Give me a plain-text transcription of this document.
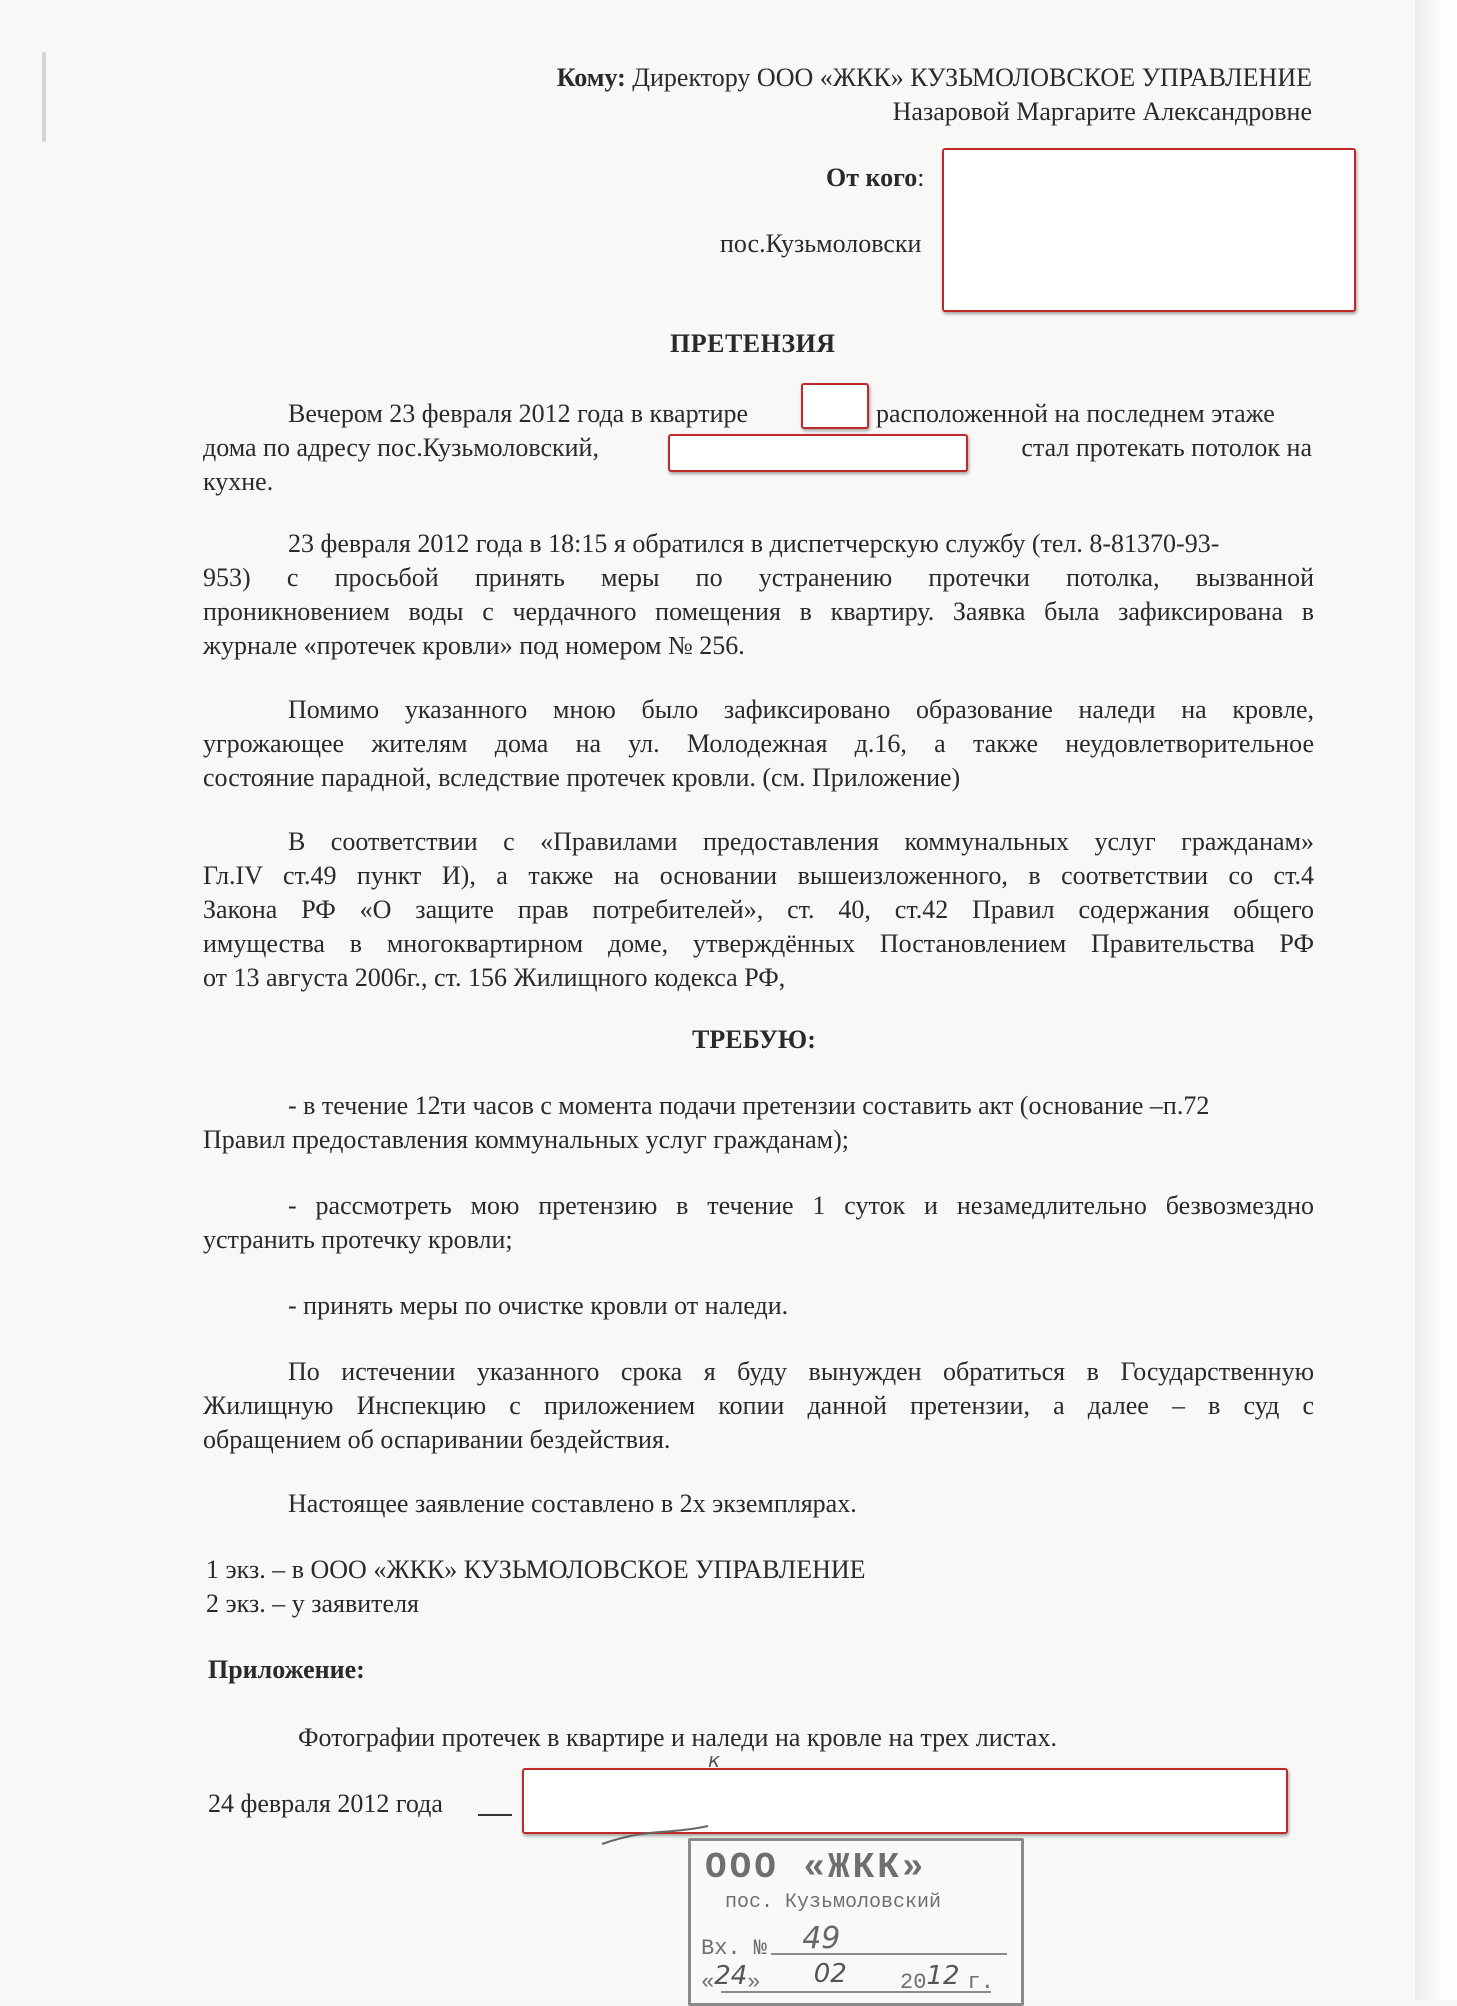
Кому: Директору ООО «ЖКК» КУЗЬМОЛОВСКОЕ УПРАВЛЕНИЕ
Назаровой Маргарите Александровне
От кого:
пос.Кузьмоловски
ПРЕТЕНЗИЯ
Вечером 23 февраля 2012 года в квартире	расположенной на последнем этаже
дома по адресу пос.Кузьмоловский,	стал протекать потолок на
кухне.
23 февраля 2012 года в 18:15 я обратился в диспетчерскую службу (тел. 8-81370-93-
953) с просьбой принять меры по устранению протечки потолка, вызванной
проникновением воды с чердачного помещения в квартиру. Заявка была зафиксирована в
журнале «протечек кровли» под номером № 256.
Помимо указанного мною было зафиксировано образование наледи на кровле,
угрожающее жителям дома на ул. Молодежная д.16, а также неудовлетворительное
состояние парадной, вследствие протечек кровли. (см. Приложение)
В соответствии с «Правилами предоставления коммунальных услуг гражданам»
Гл.IV ст.49 пункт И), а также на основании вышеизложенного, в соответствии со ст.4
Закона РФ «О защите прав потребителей», ст. 40, ст.42 Правил содержания общего
имущества в многоквартирном доме, утверждённых Постановлением Правительства РФ
от 13 августа 2006г., ст. 156 Жилищного кодекса РФ,
ТРЕБУЮ:
- в течение 12ти часов с момента подачи претензии составить акт (основание –п.72
Правил предоставления коммунальных услуг гражданам);
- рассмотреть мою претензию в течение 1 суток и незамедлительно безвозмездно
устранить протечку кровли;
- принять меры по очистке кровли от наледи.
По истечении указанного срока я буду вынужден обратиться в Государственную
Жилищную Инспекцию с приложением копии данной претензии, а далее – в суд с
обращением об оспаривании бездействия.
Настоящее заявление составлено в 2х экземплярах.
1 экз. – в ООО «ЖКК» КУЗЬМОЛОВСКОЕ УПРАВЛЕНИЕ
2 экз. – у заявителя
Приложение:
Фотографии протечек в квартире и наледи на кровле на трех листах.
24 февраля 2012 года
к
ООО «ЖКК»
пос. Кузьмоловский
Вх. № 49
«24» 02 2012 г.
